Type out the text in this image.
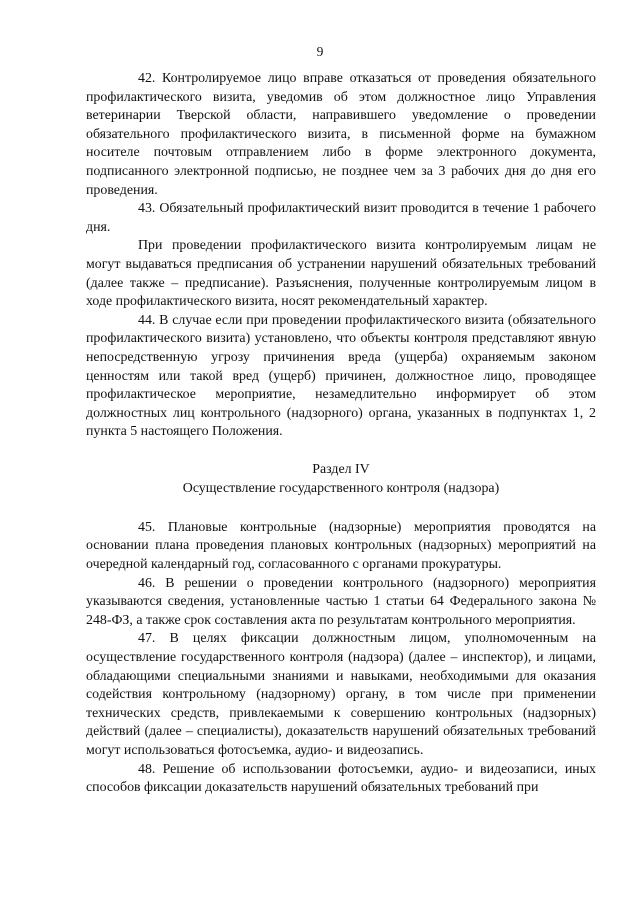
9

42. Контролируемое лицо вправе отказаться от проведения обязательного профилактического визита, уведомив об этом должностное лицо Управления ветеринарии Тверской области, направившего уведомление о проведении обязательного профилактического визита, в письменной форме на бумажном носителе почтовым отправлением либо в форме электронного документа, подписанного электронной подписью, не позднее чем за 3 рабочих дня до дня его проведения.

43. Обязательный профилактический визит проводится в течение 1 рабочего дня.

При проведении профилактического визита контролируемым лицам не могут выдаваться предписания об устранении нарушений обязательных требований (далее также – предписание). Разъяснения, полученные контролируемым лицом в ходе профилактического визита, носят рекомендательный характер.

44. В случае если при проведении профилактического визита (обязательного профилактического визита) установлено, что объекты контроля представляют явную непосредственную угрозу причинения вреда (ущерба) охраняемым законом ценностям или такой вред (ущерб) причинен, должностное лицо, проводящее профилактическое мероприятие, незамедлительно информирует об этом должностных лиц контрольного (надзорного) органа, указанных в подпунктах 1, 2 пункта 5 настоящего Положения.

Раздел IV
Осуществление государственного контроля (надзора)

45. Плановые контрольные (надзорные) мероприятия проводятся на основании плана проведения плановых контрольных (надзорных) мероприятий на очередной календарный год, согласованного с органами прокуратуры.

46. В решении о проведении контрольного (надзорного) мероприятия указываются сведения, установленные частью 1 статьи 64 Федерального закона № 248-ФЗ, а также срок составления акта по результатам контрольного мероприятия.

47. В целях фиксации должностным лицом, уполномоченным на осуществление государственного контроля (надзора) (далее – инспектор), и лицами, обладающими специальными знаниями и навыками, необходимыми для оказания содействия контрольному (надзорному) органу, в том числе при применении технических средств, привлекаемыми к совершению контрольных (надзорных) действий (далее – специалисты), доказательств нарушений обязательных требований могут использоваться фотосъемка, аудио- и видеозапись.

48. Решение об использовании фотосъемки, аудио- и видеозаписи, иных способов фиксации доказательств нарушений обязательных требований при
